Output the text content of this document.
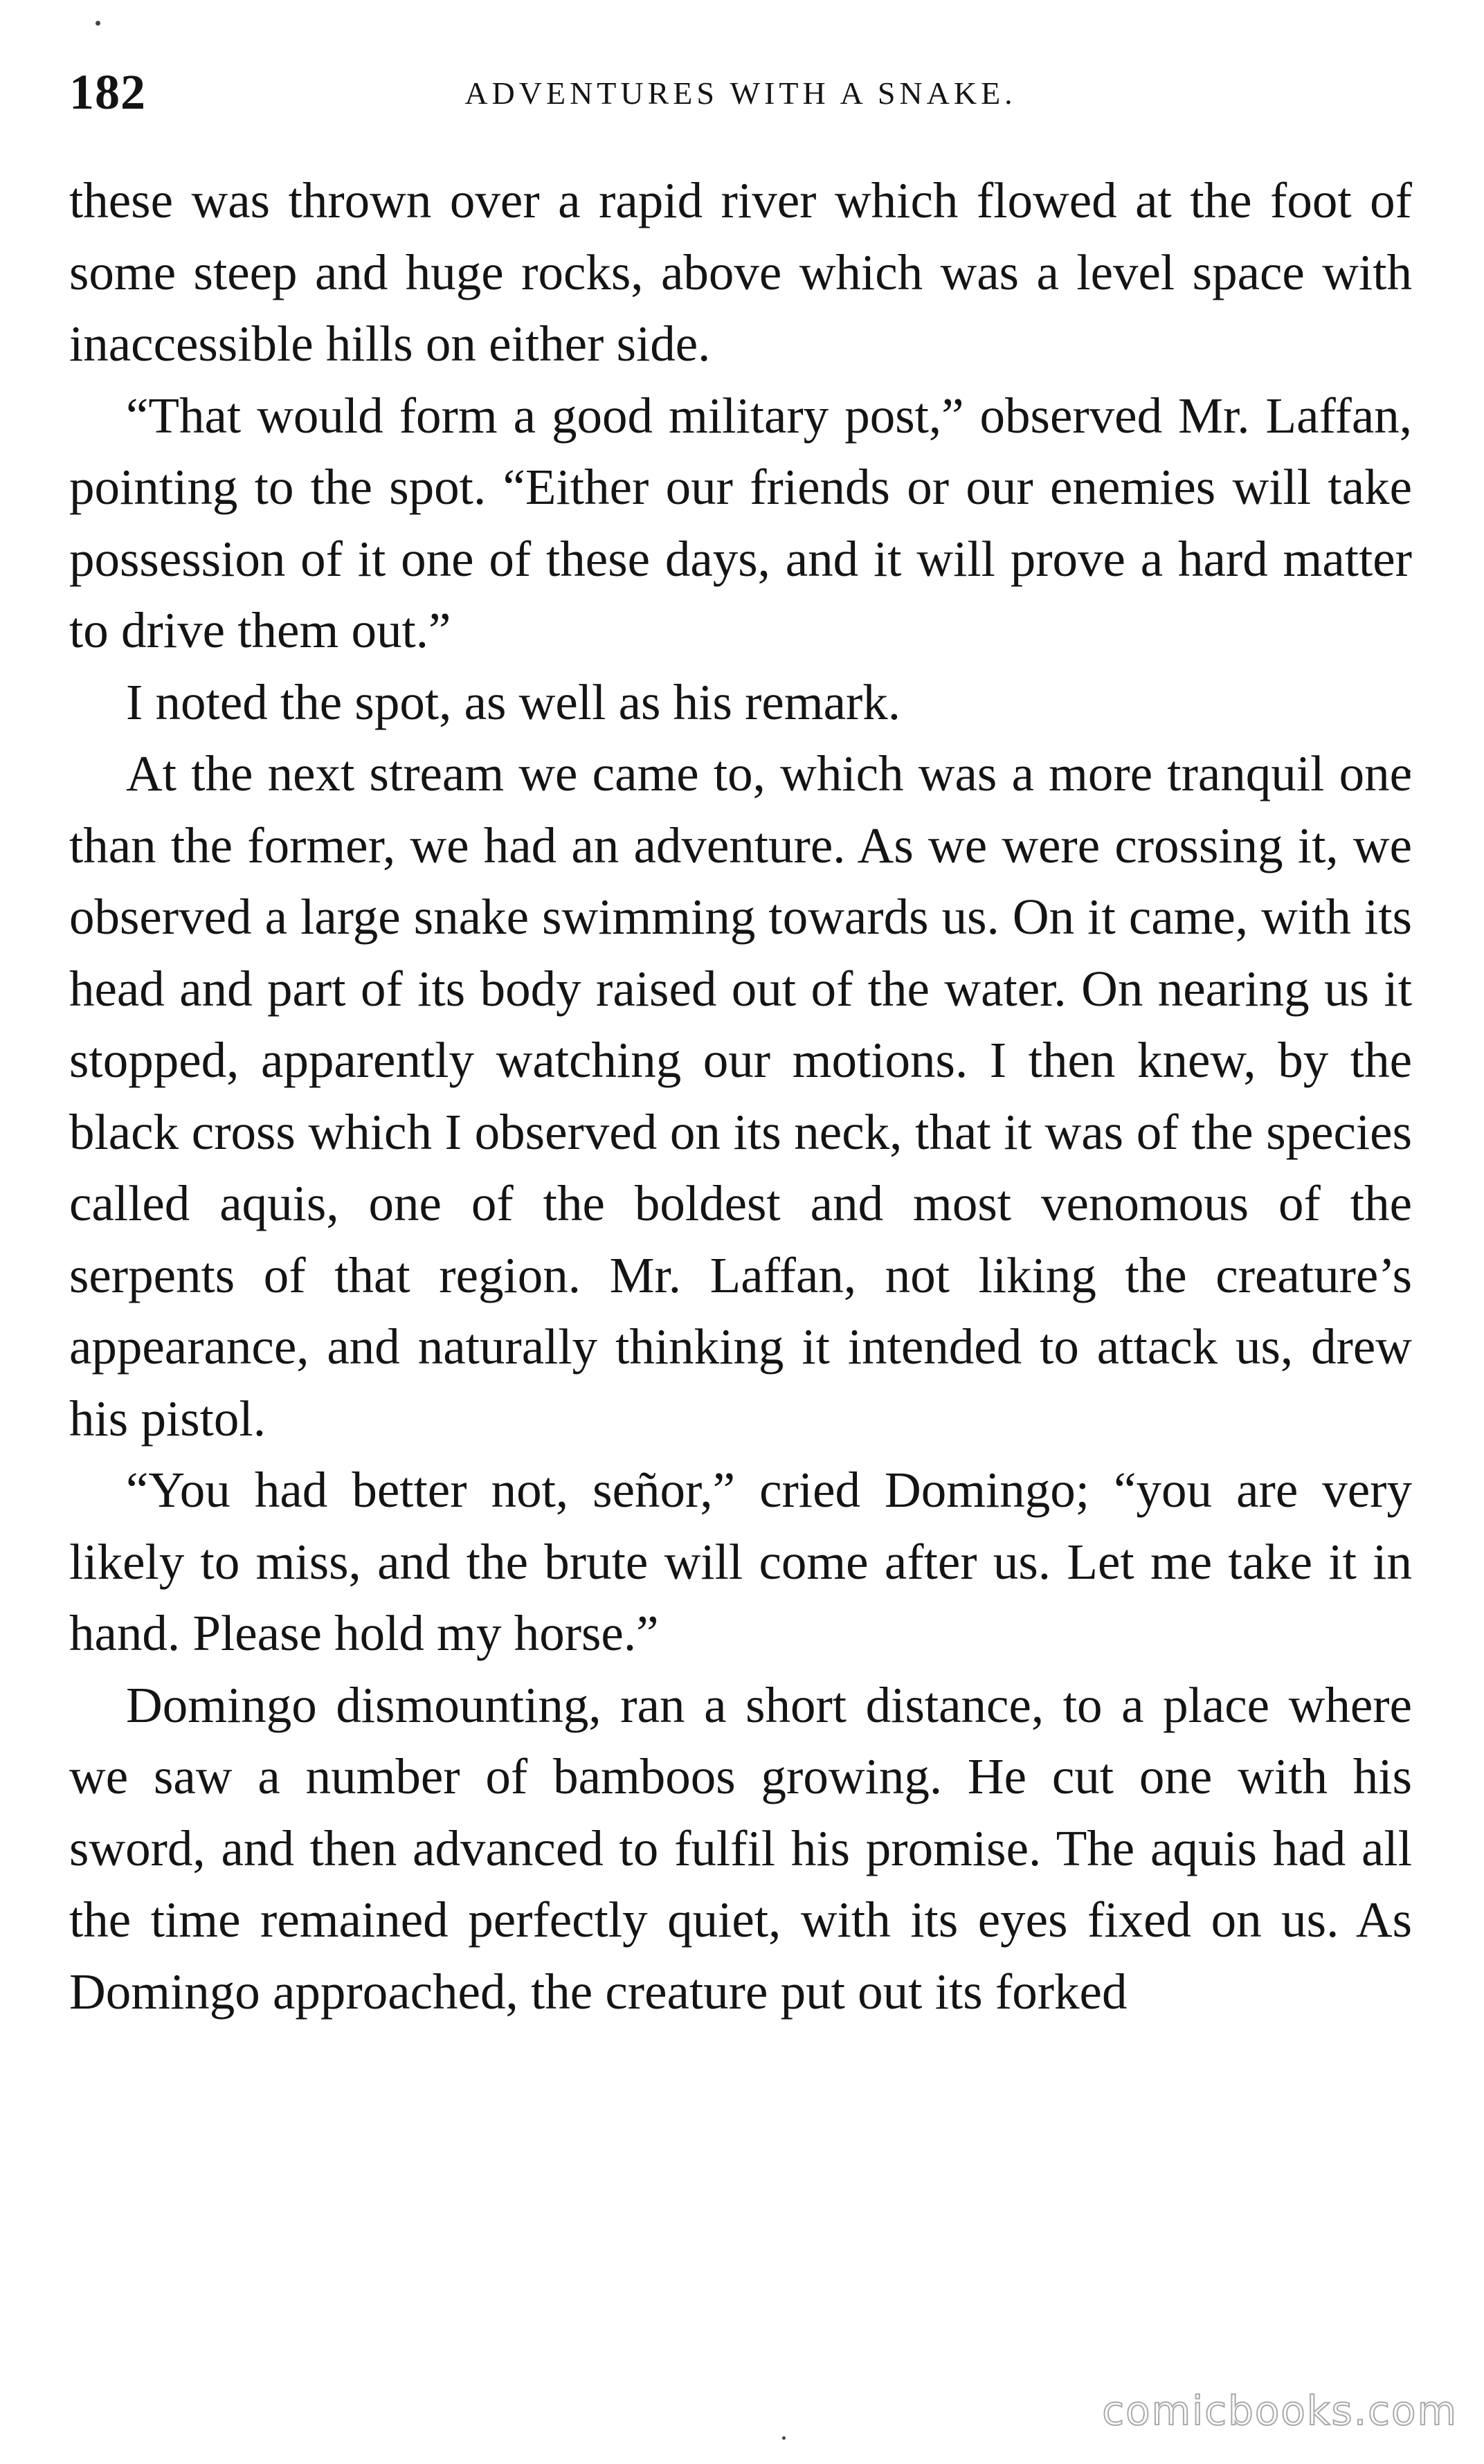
182	ADVENTURES WITH A SNAKE.

these was thrown over a rapid river which flowed at the foot of some steep and huge rocks, above which was a level space with inaccessible hills on either side.

“That would form a good military post,” observed Mr. Laffan, pointing to the spot. “Either our friends or our enemies will take possession of it one of these days, and it will prove a hard matter to drive them out.”

I noted the spot, as well as his remark.

At the next stream we came to, which was a more tranquil one than the former, we had an adventure. As we were crossing it, we observed a large snake swimming towards us. On it came, with its head and part of its body raised out of the water. On nearing us it stopped, apparently watching our motions. I then knew, by the black cross which I observed on its neck, that it was of the species called aquis, one of the boldest and most venomous of the serpents of that region. Mr. Laffan, not liking the creature’s appearance, and naturally thinking it intended to attack us, drew his pistol.

“You had better not, señor,” cried Domingo; “you are very likely to miss, and the brute will come after us. Let me take it in hand. Please hold my horse.”

Domingo dismounting, ran a short distance, to a place where we saw a number of bamboos growing. He cut one with his sword, and then advanced to fulfil his promise. The aquis had all the time remained perfectly quiet, with its eyes fixed on us. As Domingo approached, the creature put out its forked

comicbooks.com
